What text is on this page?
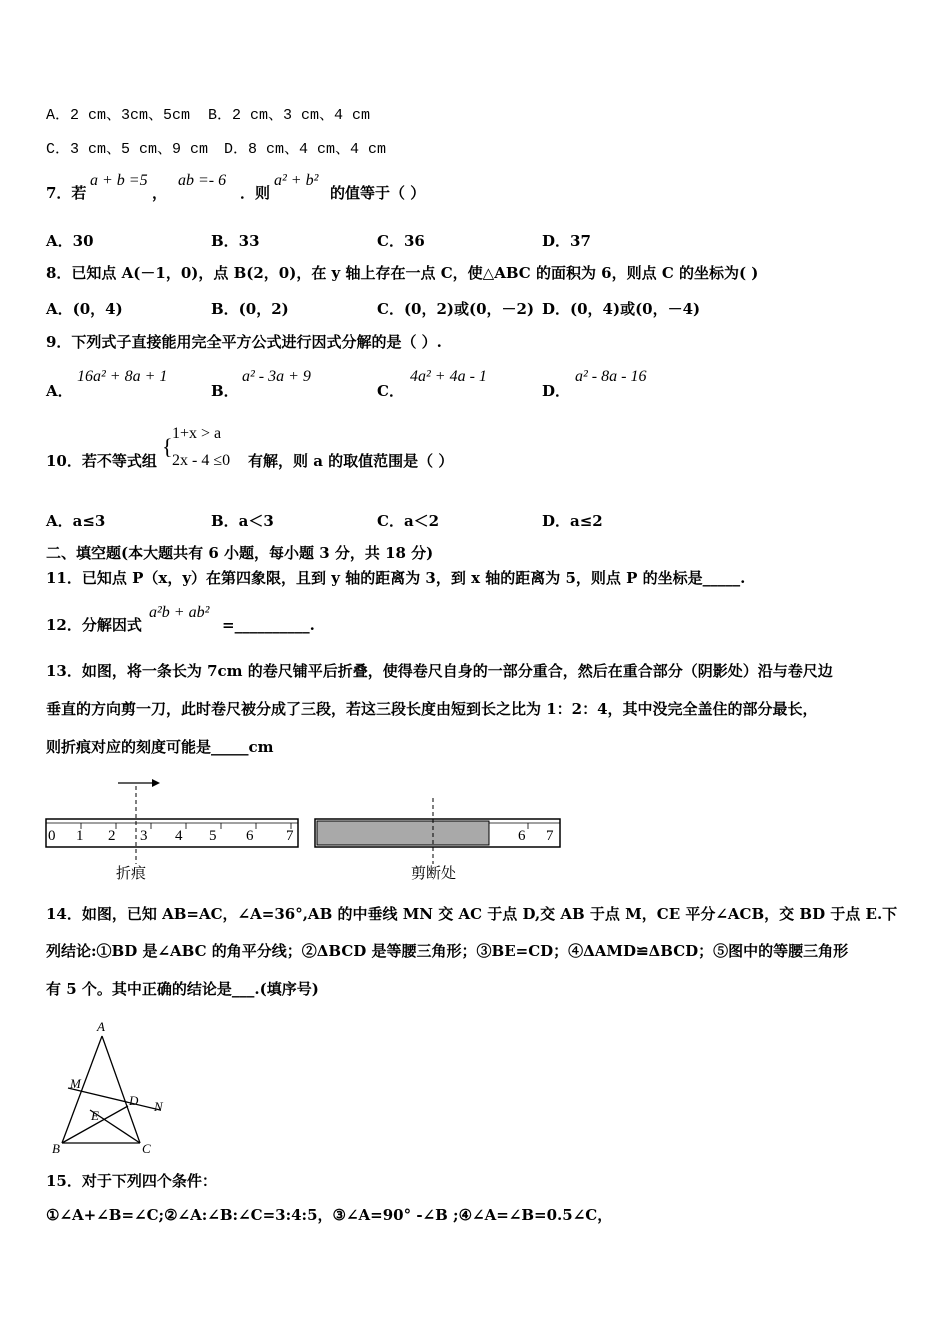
A．2 cm、3cm、5cm B．2 cm、3 cm、4 cm
C．3 cm、5 cm、9 cm D．8 cm、4 cm、4 cm
7．若
a + b =5
，
ab =- 6
．则
a² + b²
的值等于（ ）
A．30	B．33	C．36	D．37
8．已知点 A(－1，0)，点 B(2，0)，在 y 轴上存在一点 C，使△ABC 的面积为 6，则点 C 的坐标为( )
A．(0，4)	B．(0，2)	C．(0，2)或(0，－2) D．(0，4)或(0，－4)
9．下列式子直接能用完全平方公式进行因式分解的是（ ）.
A．
16a² + 8a + 1
B．
a² - 3a + 9
C．
4a² + 4a - 1
D．
a² - 8a - 16
10．若不等式组
{
1+x > a
2x - 4 ≤0 有解，则 a 的取值范围是（ ）
A．a≤3	B．a＜3	C．a＜2	D．a≤2
二、填空题(本大题共有 6 小题，每小题 3 分，共 18 分)
11．已知点 P（x，y）在第四象限，且到 y 轴的距离为 3，到 x 轴的距离为 5，则点 P 的坐标是_____.
12．分解因式
a²b + ab²
=__________.
13．如图，将一条长为 7cm 的卷尺铺平后折叠，使得卷尺自身的一部分重合，然后在重合部分（阴影处）沿与卷尺边
垂直的方向剪一刀，此时卷尺被分成了三段，若这三段长度由短到长之比为 1：2：4，其中没完全盖住的部分最长，
则折痕对应的刻度可能是_____cm
0 1 2 3 4 5 6 7
折痕
6 7
剪断处
14．如图，已知 AB=AC，∠A=36°,AB 的中垂线 MN 交 AC 于点 D,交 AB 于点 M，CE 平分∠ACB，交 BD 于点 E.下
列结论:①BD 是∠ABC 的角平分线；②ΔBCD 是等腰三角形；③BE=CD；④ΔAMD≌ΔBCD；⑤图中的等腰三角形
有 5 个。其中正确的结论是___.(填序号)
A
M
D N
E
B	C
15．对于下列四个条件：
①∠A+∠B=∠C;②∠A:∠B:∠C=3:4:5，③∠A=90° -∠B ;④∠A=∠B=0.5∠C，
